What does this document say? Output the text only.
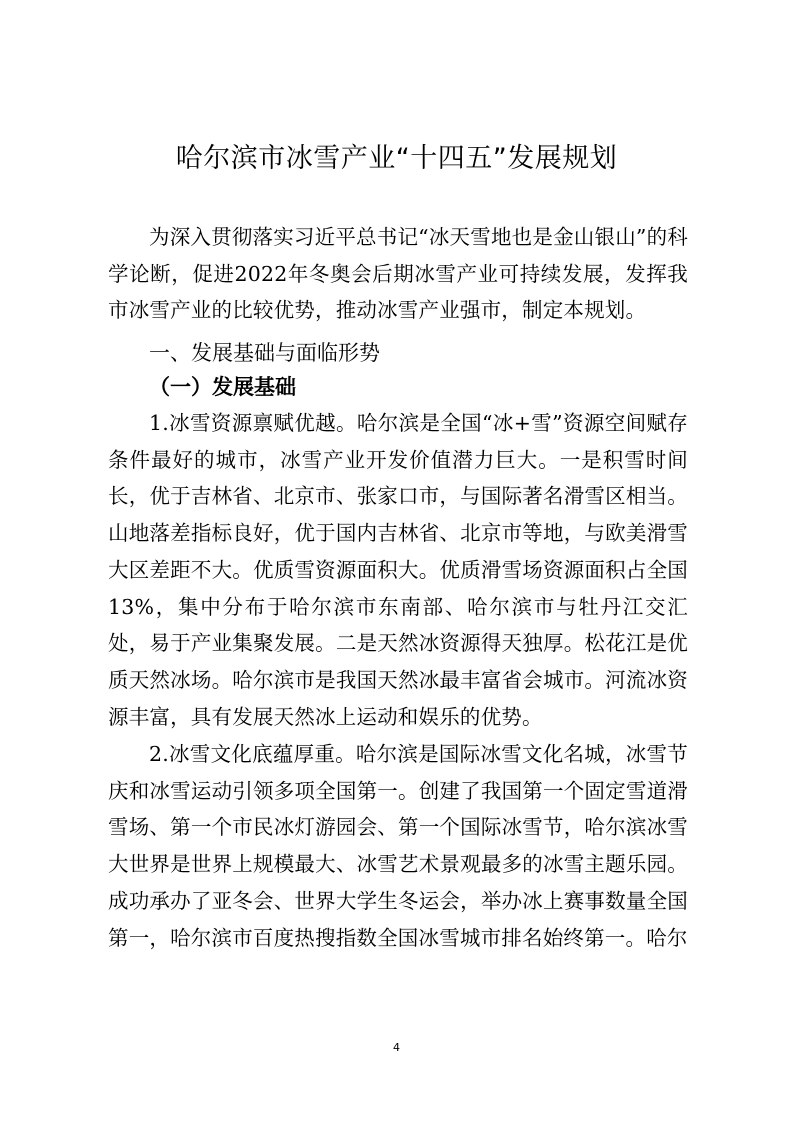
哈尔滨市冰雪产业“十四五”发展规划
为深入贯彻落实习近平总书记“冰天雪地也是金山银山”的科学论断，促进2022年冬奥会后期冰雪产业可持续发展，发挥我市冰雪产业的比较优势，推动冰雪产业强市，制定本规划。
一、发展基础与面临形势
（一）发展基础
1.冰雪资源禀赋优越。哈尔滨是全国“冰+雪”资源空间赋存条件最好的城市，冰雪产业开发价值潜力巨大。一是积雪时间长，优于吉林省、北京市、张家口市，与国际著名滑雪区相当。山地落差指标良好，优于国内吉林省、北京市等地，与欧美滑雪大区差距不大。优质雪资源面积大。优质滑雪场资源面积占全国13%，集中分布于哈尔滨市东南部、哈尔滨市与牡丹江交汇处，易于产业集聚发展。二是天然冰资源得天独厚。松花江是优质天然冰场。哈尔滨市是我国天然冰最丰富省会城市。河流冰资源丰富，具有发展天然冰上运动和娱乐的优势。
2.冰雪文化底蕴厚重。哈尔滨是国际冰雪文化名城，冰雪节庆和冰雪运动引领多项全国第一。创建了我国第一个固定雪道滑雪场、第一个市民冰灯游园会、第一个国际冰雪节，哈尔滨冰雪大世界是世界上规模最大、冰雪艺术景观最多的冰雪主题乐园。成功承办了亚冬会、世界大学生冬运会，举办冰上赛事数量全国第一，哈尔滨市百度热搜指数全国冰雪城市排名始终第一。哈尔
4
